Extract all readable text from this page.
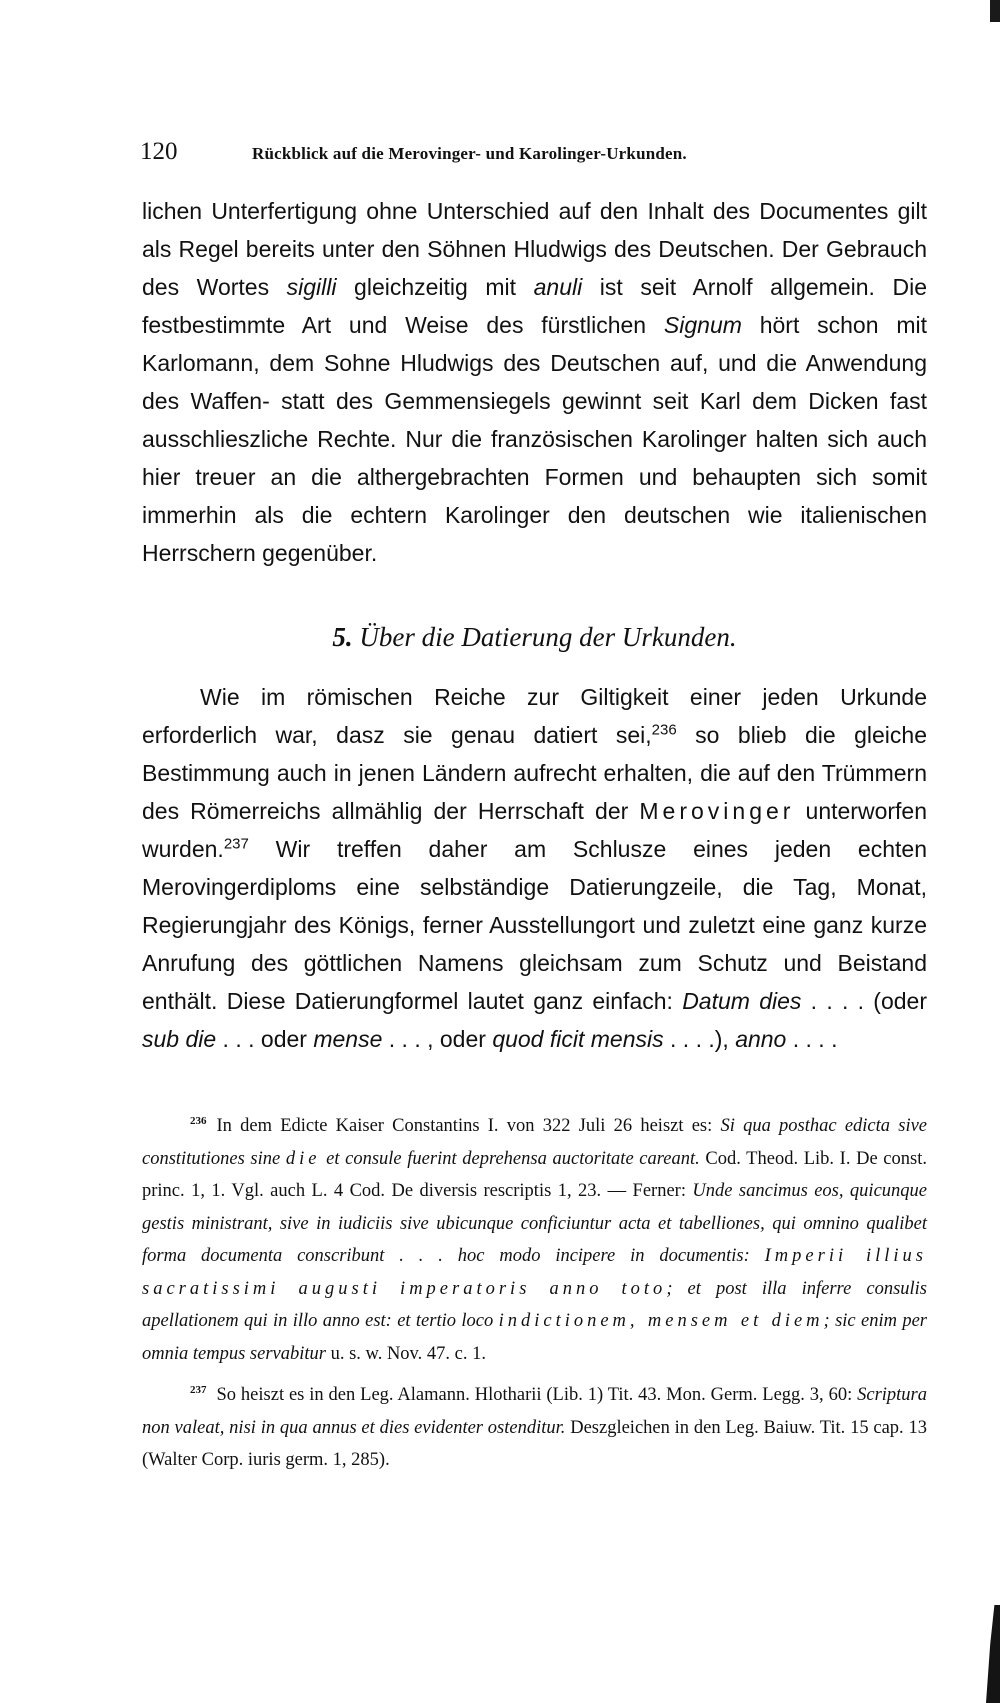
120	Rückblick auf die Merovinger- und Karolinger-Urkunden.
lichen Unterfertigung ohne Unterschied auf den Inhalt des Documentes gilt als Regel bereits unter den Söhnen Hludwigs des Deutschen. Der Gebrauch des Wortes sigilli gleichzeitig mit anuli ist seit Arnolf allgemein. Die festbestimmte Art und Weise des fürstlichen Signum hört schon mit Karlomann, dem Sohne Hludwigs des Deutschen auf, und die Anwendung des Waffen- statt des Gemmensiegels gewinnt seit Karl dem Dicken fast ausschlieszliche Rechte. Nur die französischen Karolinger halten sich auch hier treuer an die althergebrachten Formen und behaupten sich somit immerhin als die echtern Karolinger den deutschen wie italienischen Herrschern gegenüber.
5. Über die Datierung der Urkunden.
Wie im römischen Reiche zur Giltigkeit einer jeden Urkunde erforderlich war, dasz sie genau datiert sei,$^{236}$ so blieb die gleiche Bestimmung auch in jenen Ländern aufrecht erhalten, die auf den Trümmern des Römerreichs allmählig der Herrschaft der Merovinger unterworfen wurden.$^{237}$ Wir treffen daher am Schlusze eines jeden echten Merovingerdiploms eine selbständige Datierungzeile, die Tag, Monat, Regierungjahr des Königs, ferner Ausstellungort und zuletzt eine ganz kurze Anrufung des göttlichen Namens gleichsam zum Schutz und Beistand enthält. Diese Datierungformel lautet ganz einfach: Datum dies . . . . (oder sub die . . . oder mense . . . , oder quod ficit mensis . . . .), anno . . . .

$^{236}$ In dem Edicte Kaiser Constantins I. von 322 Juli 26 heiszt es: Si qua posthac edicta sive constitutiones sine die et consule fuerint deprehensa auctoritate careant. Cod. Theod. Lib. I. De const. princ. 1, 1. Vgl. auch L. 4 Cod. De diversis rescriptis 1, 23. — Ferner: Unde sancimus eos, quicunque gestis ministrant, sive in iudiciis sive ubicunque conficiuntur acta et tabelliones, qui omnino qualibet forma documenta conscribunt . . . hoc modo incipere in documentis: Imperii illius sacratissimi augusti imperatoris anno toto; et post illa inferre consulis apellationem qui in illo anno est: et tertio loco indictionem, mensem et diem; sic enim per omnia tempus servabitur u. s. w. Nov. 47. c. 1.

$^{237}$ So heiszt es in den Leg. Alamann. Hlotharii (Lib. 1) Tit. 43. Mon. Germ. Legg. 3, 60: Scriptura non valeat, nisi in qua annus et dies evidenter ostenditur. Deszgleichen in den Leg. Baiuw. Tit. 15 cap. 13 (Walter Corp. iuris germ. 1, 285).
